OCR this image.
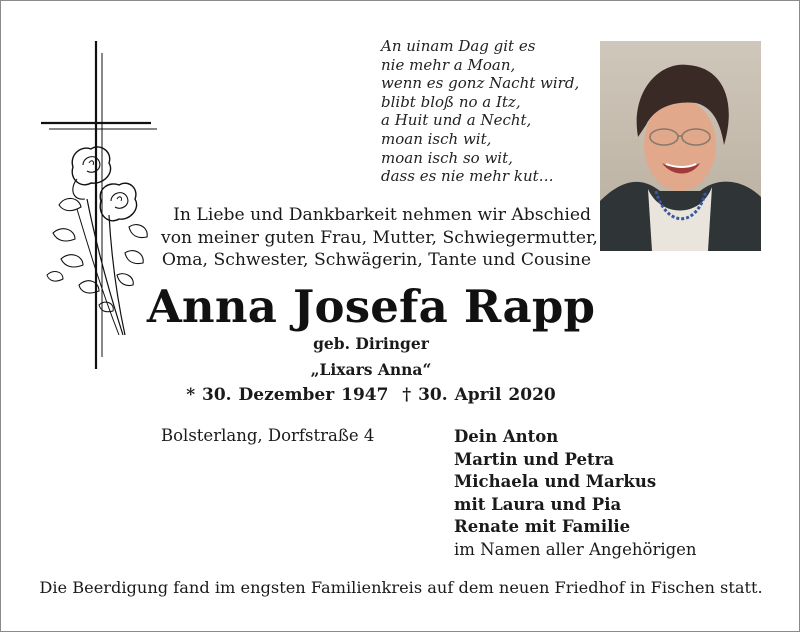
An uinam Dag git es
nie mehr a Moan,
wenn es gonz Nacht wird,
blibt bloß no a Itz,
a Huit und a Necht,
moan isch wit,
moan isch so wit,
dass es nie mehr kut…
In Liebe und Dankbarkeit nehmen wir Abschied
von meiner guten Frau, Mutter, Schwiegermutter,
Oma, Schwester, Schwägerin, Tante und Cousine
Anna Josefa Rapp
geb. Diringer
„Lixars Anna“
* 30. Dezember 1947  † 30. April 2020
Bolsterlang, Dorfstraße 4	Dein Anton
Martin und Petra
Michaela und Markus
mit Laura und Pia
Renate mit Familie
im Namen aller Angehörigen
Die Beerdigung fand im engsten Familienkreis auf dem neuen Friedhof in Fischen statt.
